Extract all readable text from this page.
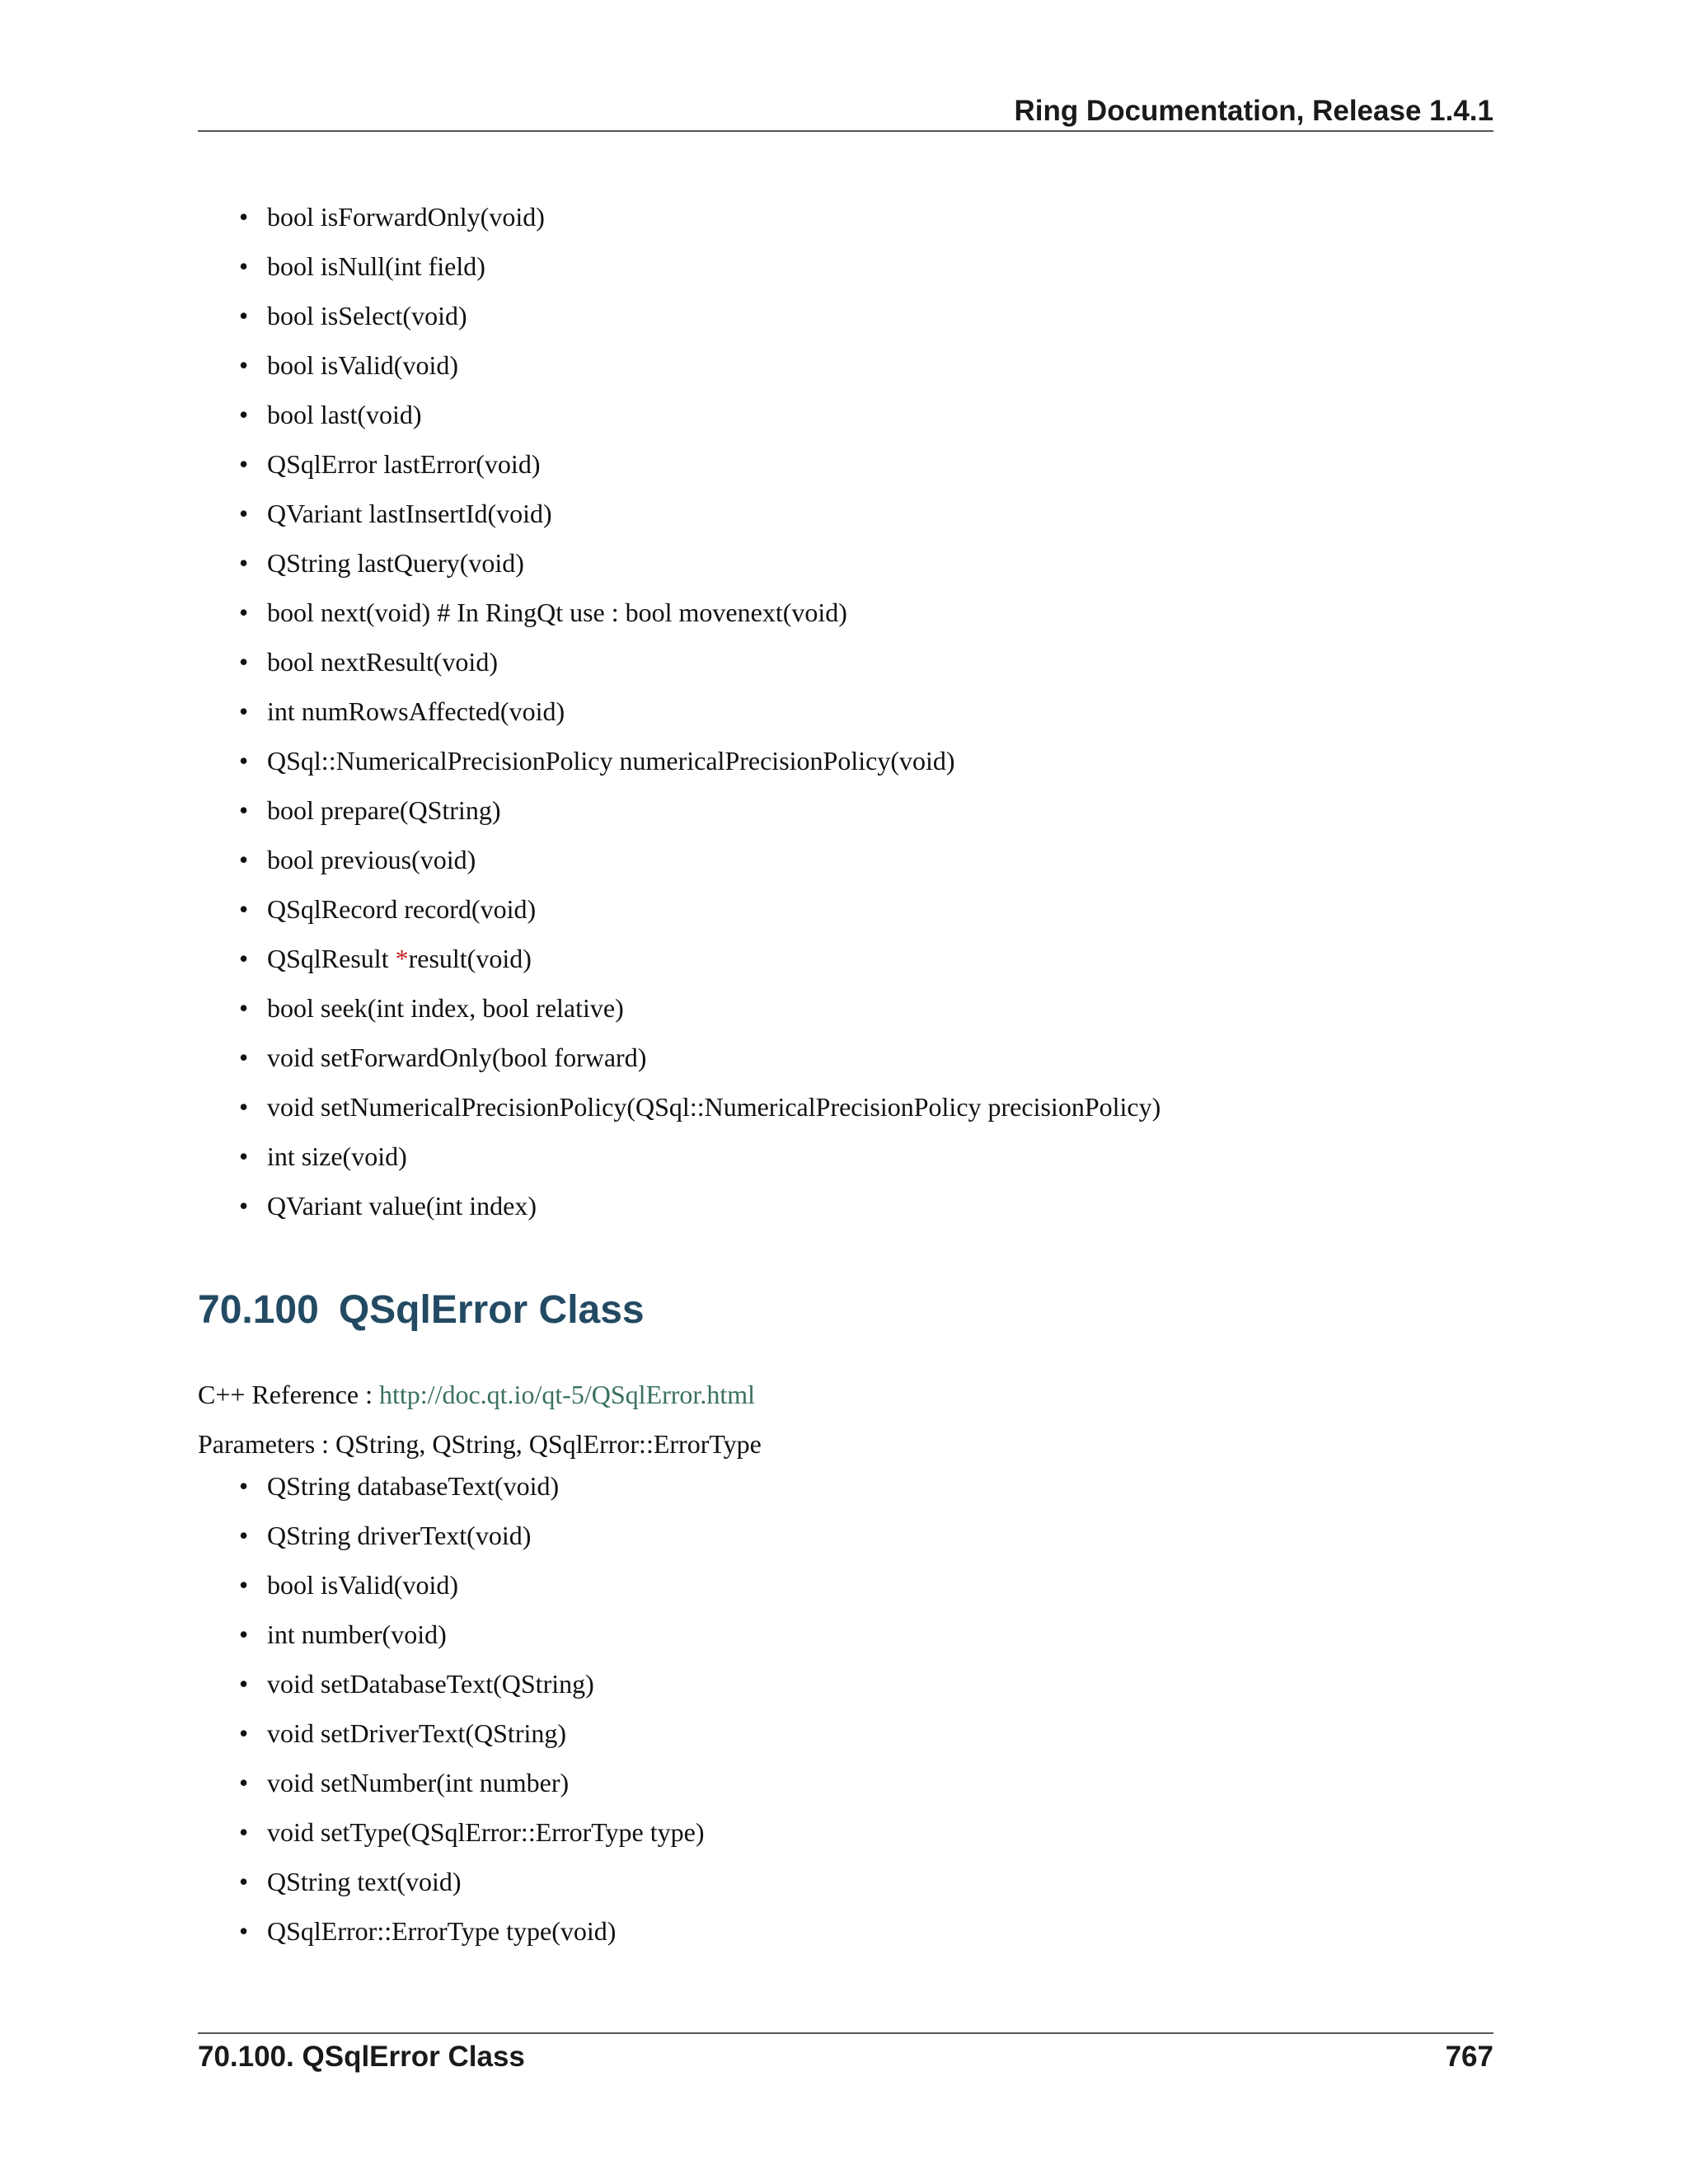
Ring Documentation, Release 1.4.1
• bool isForwardOnly(void)
• bool isNull(int field)
• bool isSelect(void)
• bool isValid(void)
• bool last(void)
• QSqlError lastError(void)
• QVariant lastInsertId(void)
• QString lastQuery(void)
• bool next(void) # In RingQt use : bool movenext(void)
• bool nextResult(void)
• int numRowsAffected(void)
• QSql::NumericalPrecisionPolicy numericalPrecisionPolicy(void)
• bool prepare(QString)
• bool previous(void)
• QSqlRecord record(void)
• QSqlResult *result(void)
• bool seek(int index, bool relative)
• void setForwardOnly(bool forward)
• void setNumericalPrecisionPolicy(QSql::NumericalPrecisionPolicy precisionPolicy)
• int size(void)
• QVariant value(int index)
70.100 QSqlError Class
C++ Reference : http://doc.qt.io/qt-5/QSqlError.html
Parameters : QString, QString, QSqlError::ErrorType
• QString databaseText(void)
• QString driverText(void)
• bool isValid(void)
• int number(void)
• void setDatabaseText(QString)
• void setDriverText(QString)
• void setNumber(int number)
• void setType(QSqlError::ErrorType type)
• QString text(void)
• QSqlError::ErrorType type(void)
70.100. QSqlError Class	767
